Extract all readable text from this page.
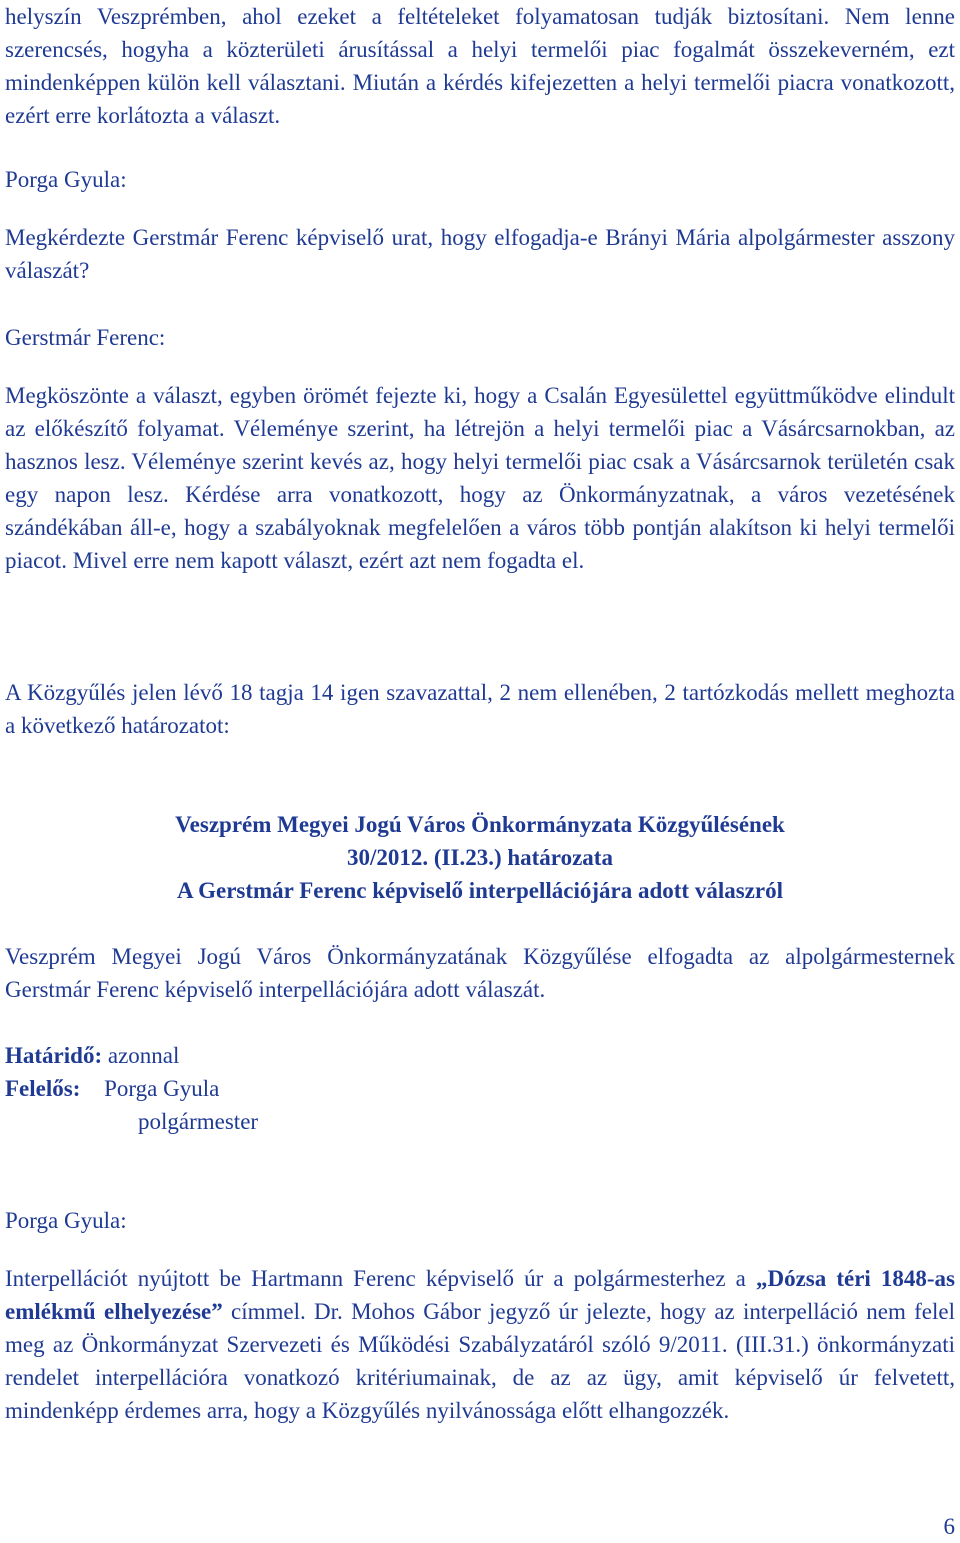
helyszín Veszprémben, ahol ezeket a feltételeket folyamatosan tudják biztosítani. Nem lenne szerencsés, hogyha a közterületi árusítással a helyi termelői piac fogalmát összekeverném, ezt mindenképpen külön kell választani. Miután a kérdés kifejezetten a helyi termelői piacra vonatkozott, ezért erre korlátozta a választ.

Porga Gyula:

Megkérdezte Gerstmár Ferenc képviselő urat, hogy elfogadja-e Brányi Mária alpolgármester asszony válaszát?

Gerstmár Ferenc:

Megköszönte a választ, egyben örömét fejezte ki, hogy a Csalán Egyesülettel együttműködve elindult az előkészítő folyamat. Véleménye szerint, ha létrejön a helyi termelői piac a Vásárcsarnokban, az hasznos lesz. Véleménye szerint kevés az, hogy helyi termelői piac csak a Vásárcsarnok területén csak egy napon lesz. Kérdése arra vonatkozott, hogy az Önkormányzatnak, a város vezetésének szándékában áll-e, hogy a szabályoknak megfelelően a város több pontján alakítson ki helyi termelői piacot. Mivel erre nem kapott választ, ezért azt nem fogadta el.

A Közgyűlés jelen lévő 18 tagja 14 igen szavazattal, 2 nem ellenében, 2 tartózkodás mellett meghozta a következő határozatot:

Veszprém Megyei Jogú Város Önkormányzata Közgyűlésének

30/2012. (II.23.) határozata

A Gerstmár Ferenc képviselő interpellációjára adott válaszról

Veszprém Megyei Jogú Város Önkormányzatának Közgyűlése elfogadta az alpolgármesternek Gerstmár Ferenc képviselő interpellációjára adott válaszát.

Határidő: azonnal

Felelős: Porga Gyula

polgármester

Porga Gyula:

Interpellációt nyújtott be Hartmann Ferenc képviselő úr a polgármesterhez a „Dózsa téri 1848-as emlékmű elhelyezése” címmel. Dr. Mohos Gábor jegyző úr jelezte, hogy az interpelláció nem felel meg az Önkormányzat Szervezeti és Működési Szabályzatáról szóló 9/2011. (III.31.) önkormányzati rendelet interpellációra vonatkozó kritériumainak, de az az ügy, amit képviselő úr felvetett, mindenképp érdemes arra, hogy a Közgyűlés nyilvánossága előtt elhangozzék.

6
